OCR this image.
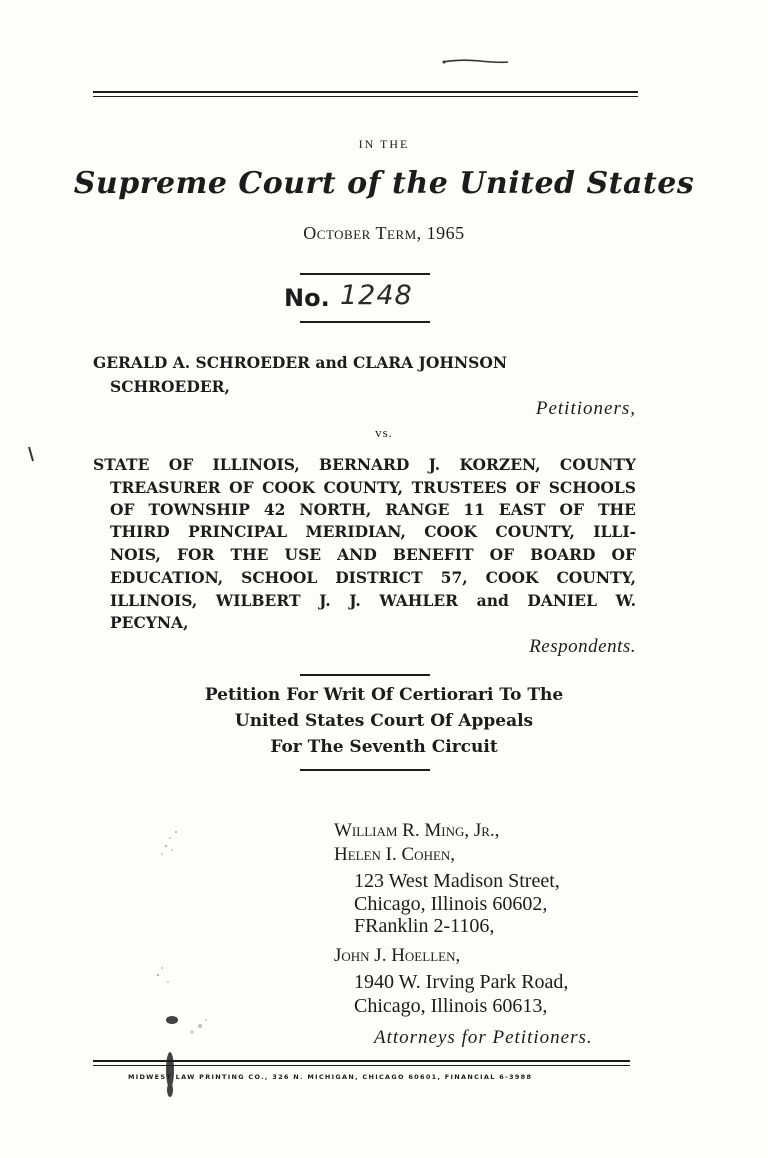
IN THE
Supreme Court of the United States
October Term, 1965
No. 1248
GERALD A. SCHROEDER and CLARA JOHNSON
SCHROEDER,
Petitioners,
vs.
STATE OF ILLINOIS, BERNARD J. KORZEN, COUNTY
TREASURER OF COOK COUNTY, TRUSTEES OF SCHOOLS
OF TOWNSHIP 42 NORTH, RANGE 11 EAST OF THE
THIRD PRINCIPAL MERIDIAN, COOK COUNTY, ILLI-
NOIS, FOR THE USE AND BENEFIT OF BOARD OF
EDUCATION, SCHOOL DISTRICT 57, COOK COUNTY,
ILLINOIS, WILBERT J. J. WAHLER and DANIEL W.
PECYNA,
Respondents.
Petition For Writ Of Certiorari To The
United States Court Of Appeals
For The Seventh Circuit
William R. Ming, Jr.,
Helen I. Cohen,
123 West Madison Street,
Chicago, Illinois 60602,
FRanklin 2-1106,
John J. Hoellen,
1940 W. Irving Park Road,
Chicago, Illinois 60613,
Attorneys for Petitioners.
MIDWEST LAW PRINTING CO., 326 N. MICHIGAN, CHICAGO 60601, FINANCIAL 6-3988
